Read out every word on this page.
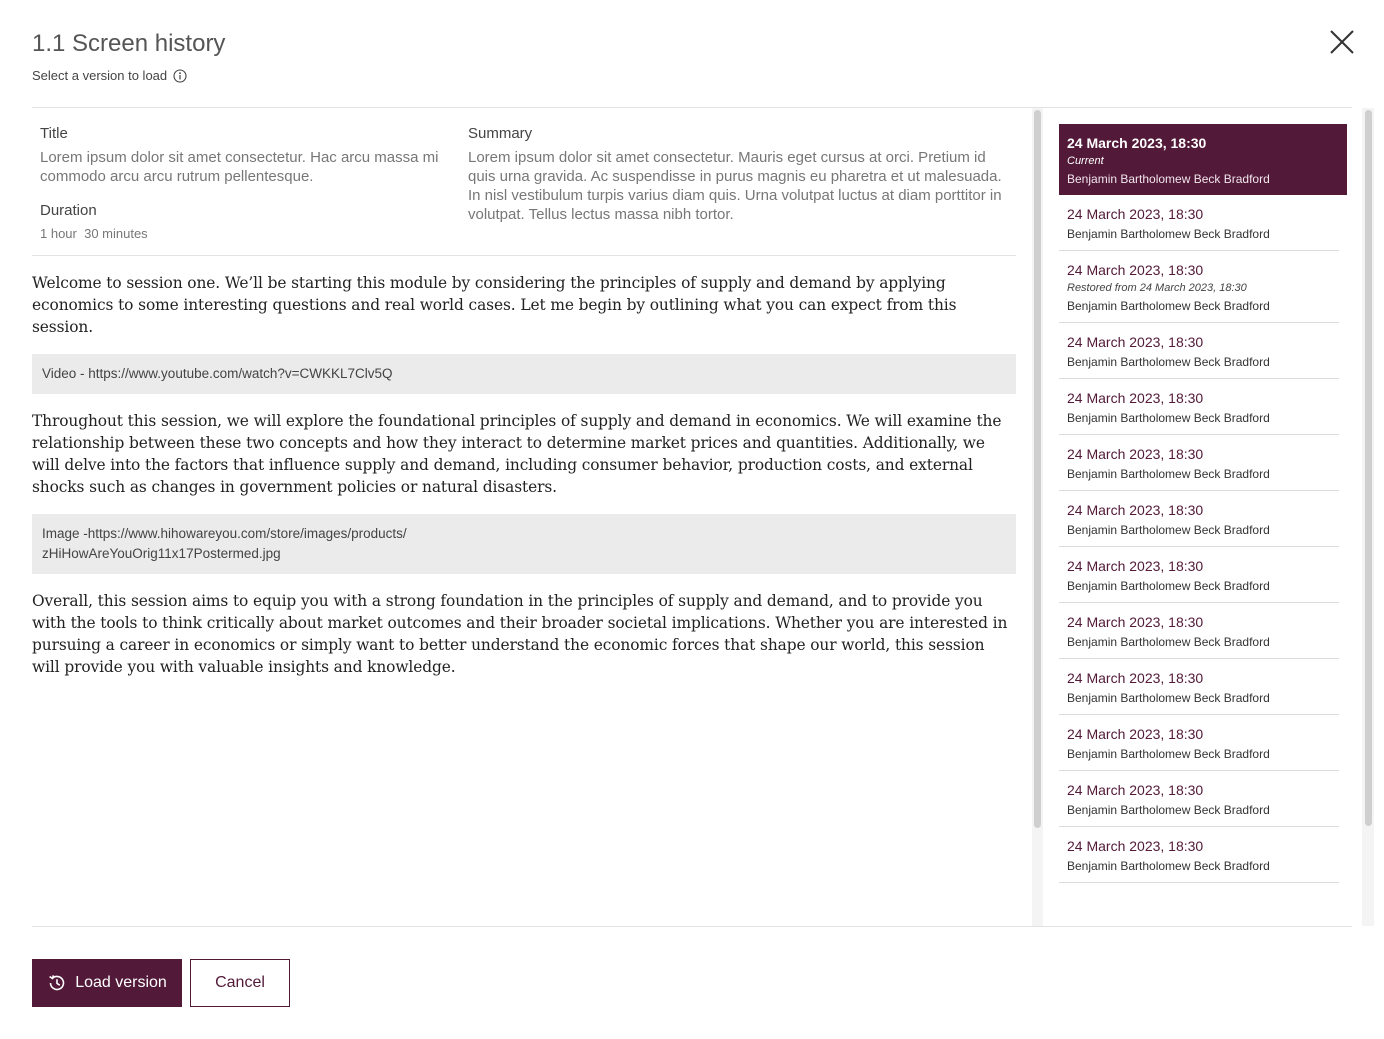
1.1 Screen history
Select a version to load
Title
Lorem ipsum dolor sit amet consectetur. Hac arcu massa mi commodo arcu arcu rutrum pellentesque.
Duration
1 hour  30 minutes
Summary
Lorem ipsum dolor sit amet consectetur. Mauris eget cursus at orci. Pretium id quis urna gravida. Ac suspendisse in purus magnis eu pharetra et ut malesuada. In nisl vestibulum turpis varius diam quis. Urna volutpat luctus at diam porttitor in volutpat. Tellus lectus massa nibh tortor.
Welcome to session one. We’ll be starting this module by considering the principles of supply and demand by applying economics to some interesting questions and real world cases. Let me begin by outlining what you can expect from this session.
Video - https://www.youtube.com/watch?v=CWKKL7Clv5Q
Throughout this session, we will explore the foundational principles of supply and demand in economics. We will examine the relationship between these two concepts and how they interact to determine market prices and quantities. Additionally, we will delve into the factors that influence supply and demand, including consumer behavior, production costs, and external shocks such as changes in government policies or natural disasters.
Image -https://www.hihowareyou.com/store/images/products/
zHiHowAreYouOrig11x17Postermed.jpg
Overall, this session aims to equip you with a strong foundation in the principles of supply and demand, and to provide you with the tools to think critically about market outcomes and their broader societal implications. Whether you are interested in pursuing a career in economics or simply want to better understand the economic forces that shape our world, this session will provide you with valuable insights and knowledge.
24 March 2023, 18:30
Current
Benjamin Bartholomew Beck Bradford
24 March 2023, 18:30
Benjamin Bartholomew Beck Bradford
24 March 2023, 18:30
Restored from 24 March 2023, 18:30
Benjamin Bartholomew Beck Bradford
24 March 2023, 18:30
Benjamin Bartholomew Beck Bradford
24 March 2023, 18:30
Benjamin Bartholomew Beck Bradford
24 March 2023, 18:30
Benjamin Bartholomew Beck Bradford
24 March 2023, 18:30
Benjamin Bartholomew Beck Bradford
24 March 2023, 18:30
Benjamin Bartholomew Beck Bradford
24 March 2023, 18:30
Benjamin Bartholomew Beck Bradford
24 March 2023, 18:30
Benjamin Bartholomew Beck Bradford
24 March 2023, 18:30
Benjamin Bartholomew Beck Bradford
24 March 2023, 18:30
Benjamin Bartholomew Beck Bradford
24 March 2023, 18:30
Benjamin Bartholomew Beck Bradford
Load version	Cancel
